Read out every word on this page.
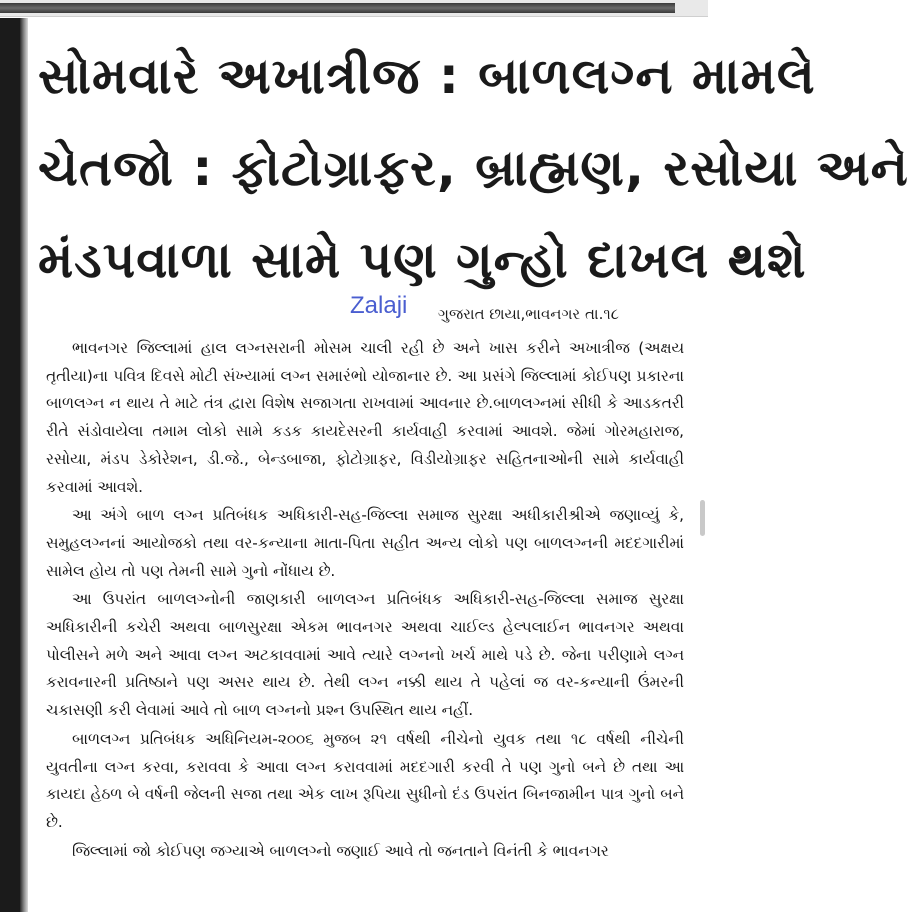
સોમવારે અખાત્રીજ : બાળલગ્ન મામલે
ચેતજો : ફોટોગ્રાફર, બ્રાહ્મણ, રસોયા અને
મંડપવાળા સામે પણ ગુન્હો દાખલ થશે
Zalaji ગુજરાત છાયા,ભાવનગર તા.૧૮

ભાવનગર જિલ્લામાં હાલ લગ્નસરાની મોસમ ચાલી રહી છે અને ખાસ કરીને અખાત્રીજ (અક્ષય તૃતીયા)ના પવિત્ર દિવસે મોટી સંખ્યામાં લગ્ન સમારંભો યોજાનાર છે. આ પ્રસંગે જિલ્લામાં કોઈપણ પ્રકારના બાળલગ્ન ન થાય તે માટે તંત્ર દ્વારા વિશેષ સજાગતા રાખવામાં આવનાર છે.બાળલગ્નમાં સીધી કે આડકતરી રીતે સંડોવાયેલા તમામ લોકો સામે કડક કાયદેસરની કાર્યવાહી કરવામાં આવશે. જેમાં ગોરમહારાજ, રસોયા, મંડપ ડેકોરેશન, ડી.જે., બેન્ડબાજા, ફોટોગ્રાફર, વિડીયોગ્રાફર સહિતનાઓની સામે કાર્યવાહી કરવામાં આવશે.

આ અંગે બાળ લગ્ન પ્રતિબંધક અધિકારી-સહ-જિલ્લા સમાજ સુરક્ષા અધીકારીશ્રીએ જણાવ્યું કે, સમુહલગ્નનાં આયોજકો તથા વર-કન્યાના માતા-પિતા સહીત અન્ય લોકો પણ બાળલગ્નની મદદગારીમાં સામેલ હોય તો પણ તેમની સામે ગુનો નોંધાય છે.

આ ઉપરાંત બાળલગ્નોની જાણકારી બાળલગ્ન પ્રતિબંધક અધિકારી-સહ-જિલ્લા સમાજ સુરક્ષા અધિકારીની કચેરી અથવા બાળસુરક્ષા એકમ ભાવનગર અથવા ચાઈલ્ડ હેલ્પલાઈન ભાવનગર અથવા પોલીસને મળે અને આવા લગ્ન અટકાવવામાં આવે ત્યારે લગ્નનો ખર્ચ માથે પડે છે. જેના પરીણામે લગ્ન કરાવનારની પ્રતિષ્ઠાને પણ અસર થાય છે. તેથી લગ્ન નક્કી થાય તે પહેલાં જ વર-કન્યાની ઉંમરની ચકાસણી કરી લેવામાં આવે તો બાળ લગ્નનો પ્રશ્ન ઉપસ્થિત થાય નહીં.

બાળલગ્ન પ્રતિબંધક અધિનિયમ-૨૦૦૬ મુજબ ૨૧ વર્ષથી નીચેનો યુવક તથા ૧૮ વર્ષથી નીચેની યુવતીના લગ્ન કરવા, કરાવવા કે આવા લગ્ન કરાવવામાં મદદગારી કરવી તે પણ ગુનો બને છે તથા આ કાયદા હેઠળ બે વર્ષની જેલની સજા તથા એક લાખ રૂપિયા સુધીનો દંડ ઉપરાંત બિનજામીન પાત્ર ગુનો બને છે.

જિલ્લામાં જો કોઈપણ જગ્યાએ બાળલગ્નો જણાઈ આવે તો જનતાને વિનંતી કે ભાવનગર
